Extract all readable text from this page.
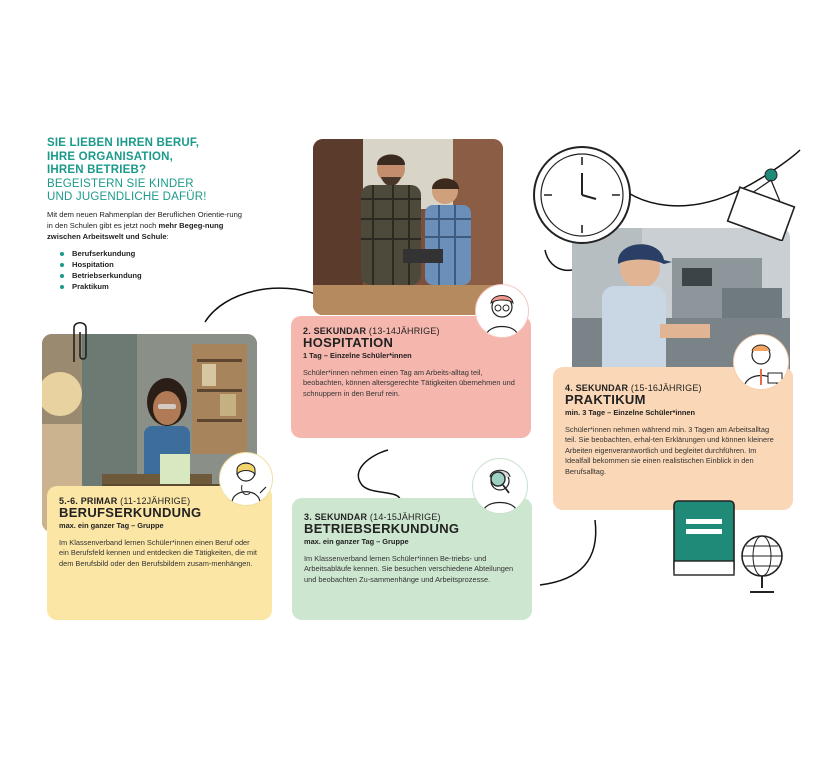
SIE LIEBEN IHREN BERUF,
IHRE ORGANISATION,
IHREN BETRIEB?
BEGEISTERN SIE KINDER
UND JUGENDLICHE DAFÜR!
Mit dem neuen Rahmenplan der Beruflichen Orientie-rung in den Schulen gibt es jetzt noch mehr Begeg-nung zwischen Arbeitswelt und Schule:
Berufserkundung
Hospitation
Betriebserkundung
Praktikum
5.-6. PRIMAR (11-12JÄHRIGE)
BERUFSERKUNDUNG
max. ein ganzer Tag – Gruppe
Im Klassenverband lernen Schüler*innen einen Beruf oder ein Berufsfeld kennen und entdecken die Tätigkeiten, die mit dem Berufsbild oder den Berufsbildern zusam-menhängen.
2. SEKUNDAR (13-14JÄHRIGE)
HOSPITATION
1 Tag – Einzelne Schüler*innen
Schüler*innen nehmen einen Tag am Arbeits-alltag teil, beobachten, können altersgerechte Tätigkeiten übernehmen und schnuppern in den Beruf rein.
3. SEKUNDAR (14-15JÄHRIGE)
BETRIEBSERKUNDUNG
max. ein ganzer Tag – Gruppe
Im Klassenverband lernen Schüler*innen Be-triebs- und Arbeitsabläufe kennen. Sie besuchen verschiedene Abteilungen und beobachten Zu-sammenhänge und Arbeitsprozesse.
4. SEKUNDAR (15-16JÄHRIGE)
PRAKTIKUM
min. 3 Tage – Einzelne Schüler*innen
Schüler*innen nehmen während min. 3 Tagen am Arbeitsalltag teil. Sie beobachten, erhal-ten Erklärungen und können kleinere Arbeiten eigenverantwortlich und begleitet durchführen. Im Idealfall bekommen sie einen realistischen Einblick in den Berufsalltag.
